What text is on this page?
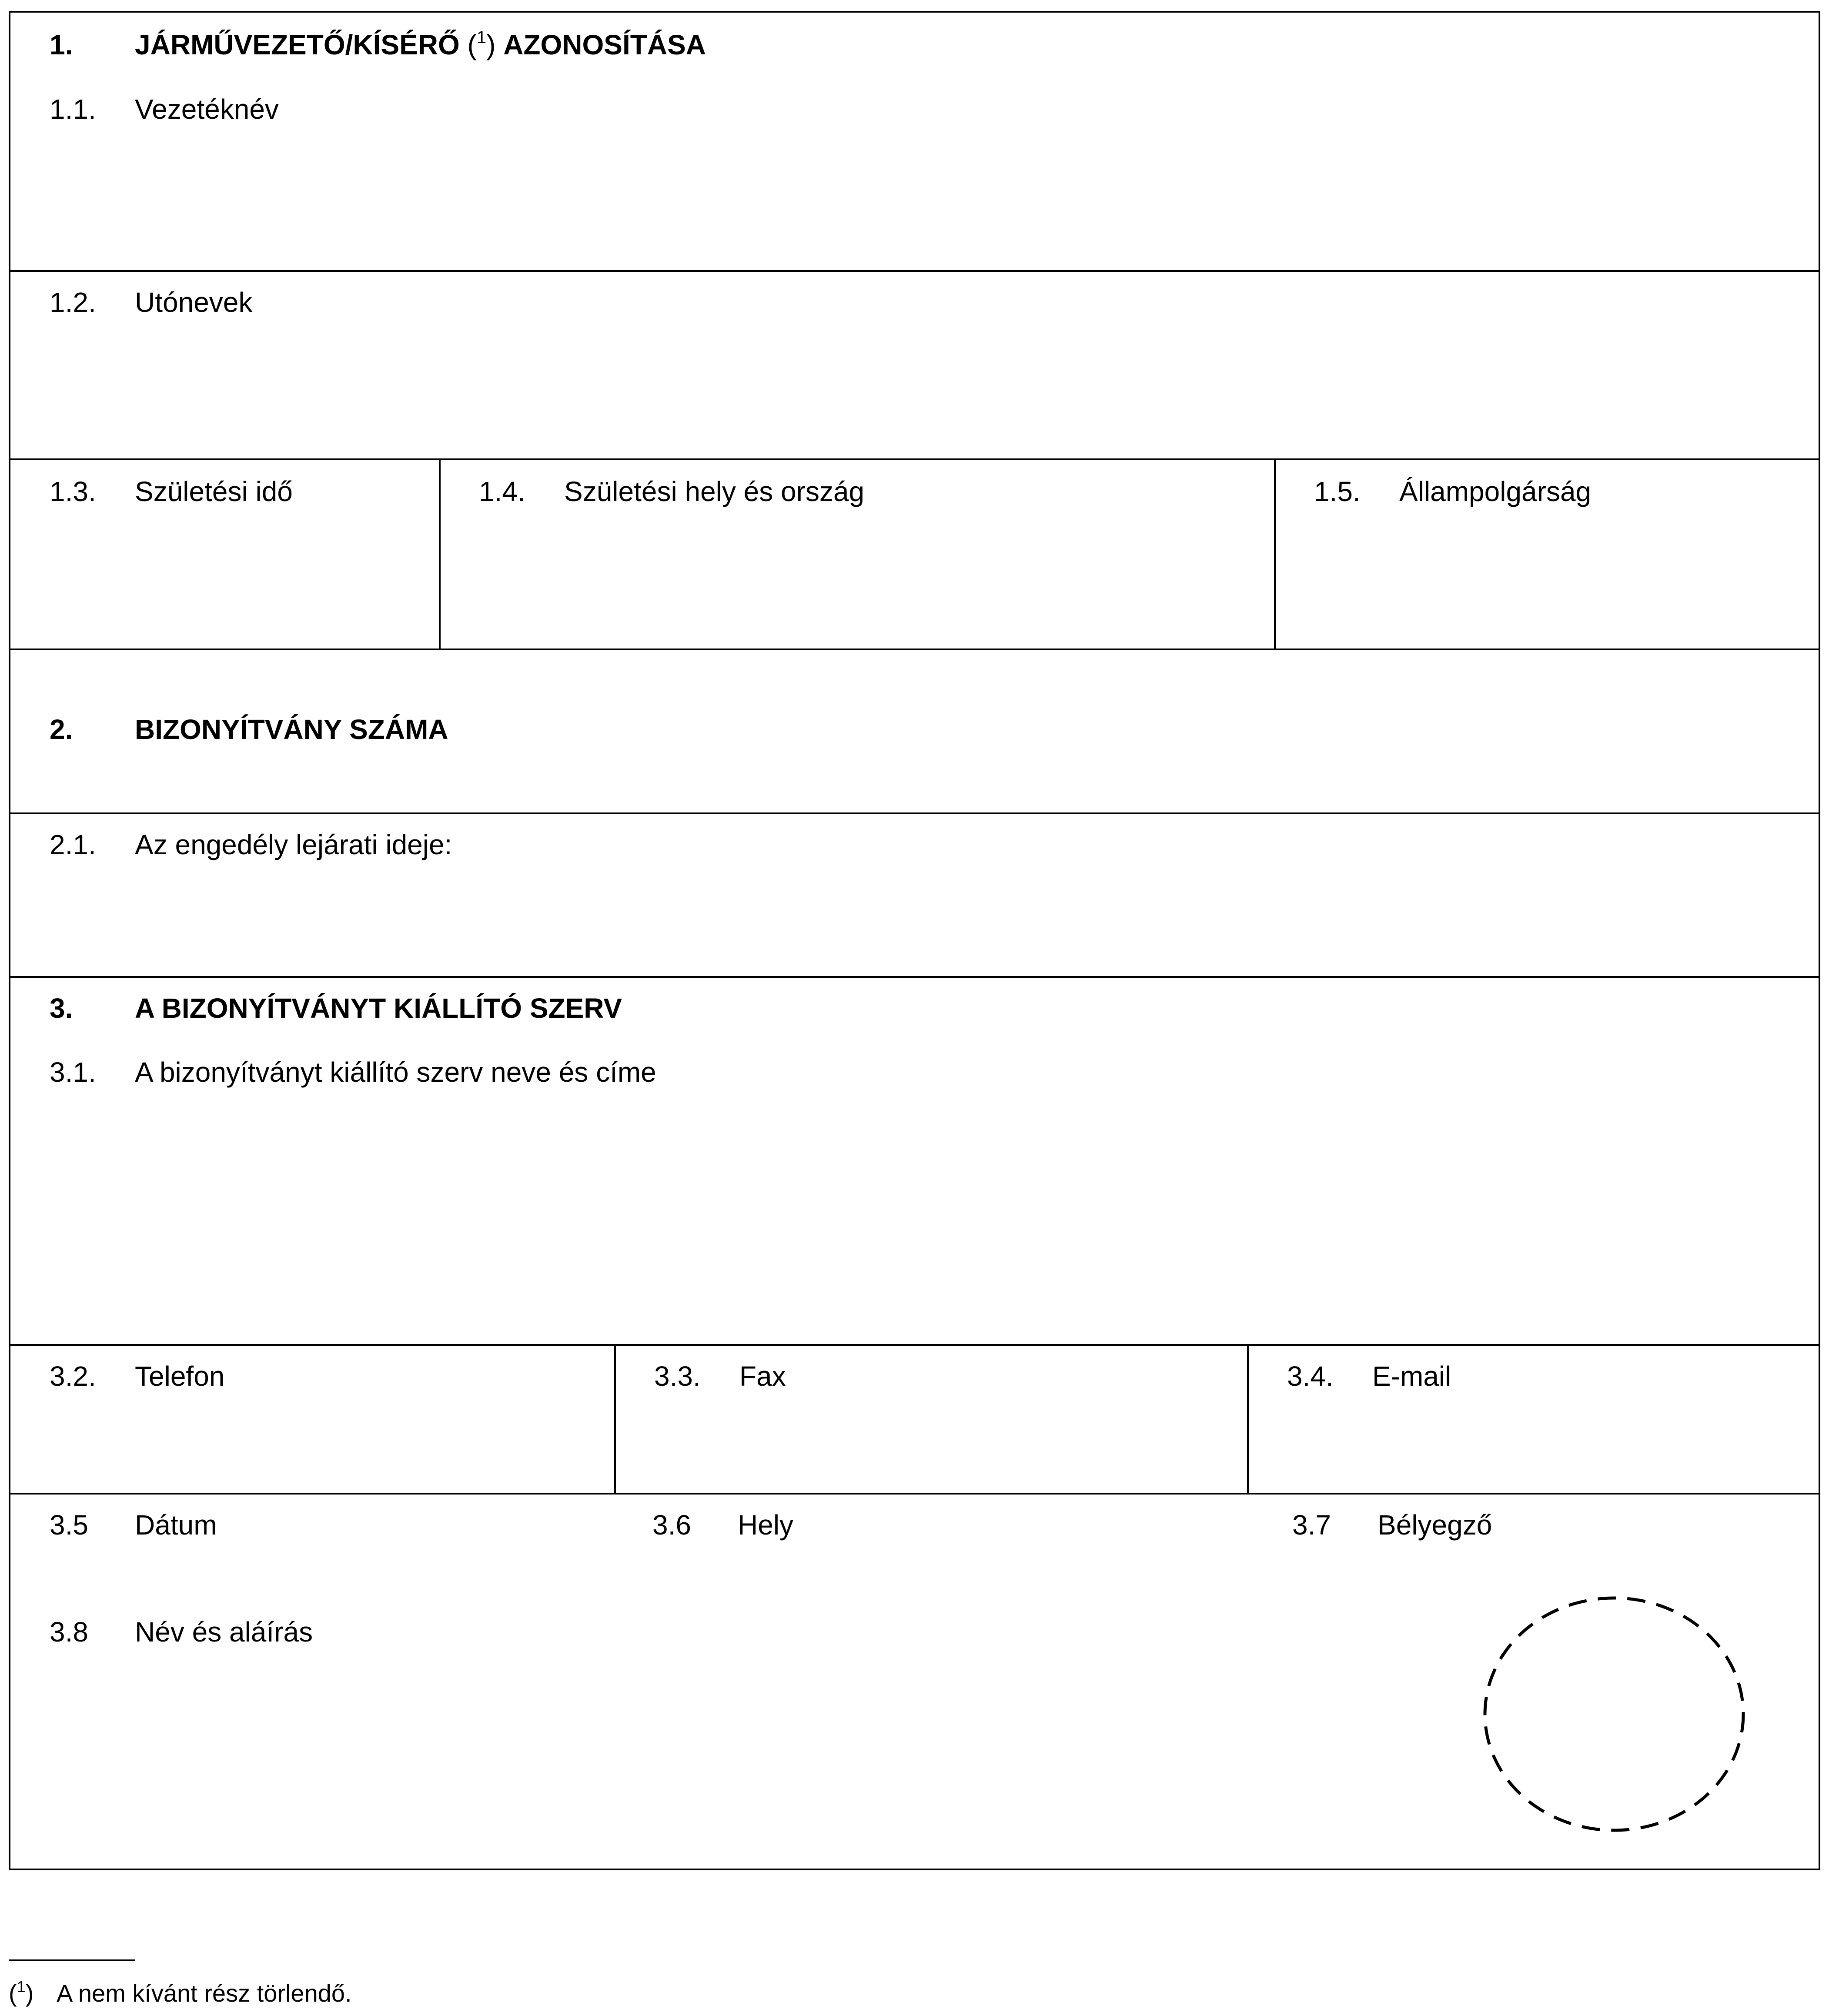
1.	JÁRMŰVEZETŐ/KÍSÉRŐ ($^1$) AZONOSÍTÁSA
1.1.	Vezetéknév
1.2.	Utónevek
1.3.	Születési idő	1.4.	Születési hely és ország	1.5.	Állampolgárság
2.	BIZONYÍTVÁNY SZÁMA
2.1.	Az engedély lejárati ideje:
3.	A BIZONYÍTVÁNYT KIÁLLÍTÓ SZERV
3.1.	A bizonyítványt kiállító szerv neve és címe
3.2.	Telefon	3.3.	Fax	3.4.	E-mail
3.5	Dátum	3.6	Hely	3.7	Bélyegző
3.8	Név és aláírás
($^1$) A nem kívánt rész törlendő.
